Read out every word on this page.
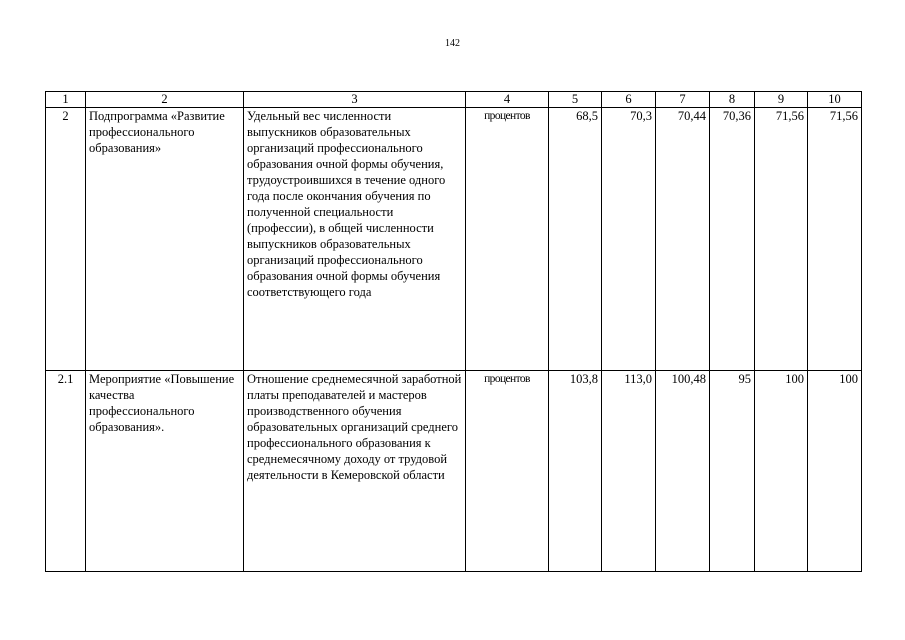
142
1	2	3	4	5	6	7	8	9	10
2	Подпрограмма «Развитие профессионального образования»	Удельный вес численности выпускников образовательных организаций профессионального образования очной формы обучения, трудоустроившихся в течение одного года после окончания обучения по полученной специальности (профессии), в общей численности выпускников образовательных организаций профессионального образования очной формы обучения соответствующего года	процентов	68,5	70,3	70,44	70,36	71,56	71,56
2.1	Мероприятие «Повышение качества профессионального образования».	Отношение среднемесячной заработной платы преподавателей и мастеров производственного обучения образовательных организаций среднего профессионального образования к среднемесячному доходу от трудовой деятельности в Кемеровской области	процентов	103,8	113,0	100,48	95	100	100
